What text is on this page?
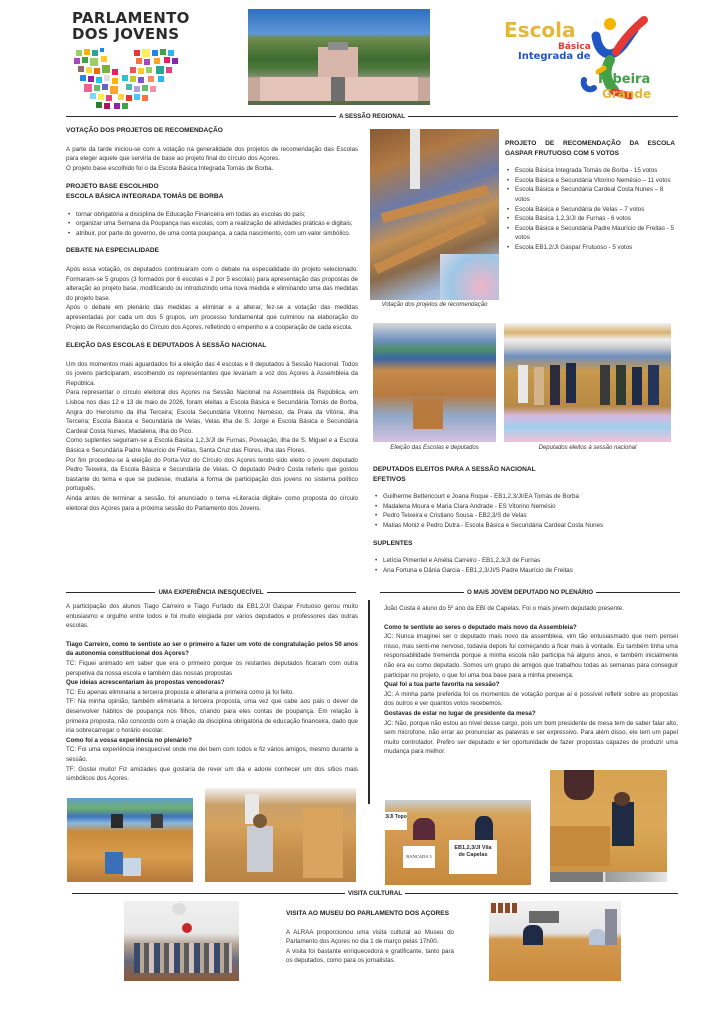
PARLAMENTO
DOS JOVENS	Escola
Básica
Integrada de
Ribeira
Grande
A SESSÃO REGIONAL
VOTAÇÃO DOS PROJETOS DE RECOMENDAÇÃO
A parte da tarde iniciou-se com a votação na generalidade dos projetos de recomendação das Escolas para eleger aquele que serviria de base ao projeto final do círculo dos Açores.
O projeto base escolhido foi o da Escola Básica Integrada Tomás de Borba.
PROJETO BASE ESCOLHIDO
ESCOLA BÁSICA INTEGRADA TOMÁS DE BORBA
• tornar obrigatória a disciplina de Educação Financeira em todas as escolas do país;
• organizar uma Semana da Poupança nas escolas, com a realização de atividades práticas e digitais;
• atribuir, por parte do governo, de uma conta poupança, a cada nascimento, com um valor simbólico.
DEBATE NA ESPECIALIDADE
Após essa votação, os deputados continuaram com o debate na especialidade do projeto selecionado. Formaram-se 5 grupos (3 formados por 6 escolas e 2 por 5 escolas) para apresentação das propostas de alteração ao projeto base, modificando ou introduzindo uma nova medida e eliminando uma das medidas do projeto base.
Após o debate em plenário das medidas a eliminar e a alterar, fez-se a votação das medidas apresentadas por cada um dos 5 grupos, um processo fundamental que culminou na elaboração do Projeto de Recomendação do Círculo dos Açores, refletindo o empenho e a cooperação de cada escola.
ELEIÇÃO DAS ESCOLAS E DEPUTADOS À SESSÃO NACIONAL
Um dos momentos mais aguardados foi a eleição das 4 escolas e 8 deputados à Sessão Nacional. Todos os jovens participaram, escolhendo os representantes que levariam a voz dos Açores à Assembleia da República.
Para representar o círculo eleitoral dos Açores na Sessão Nacional na Assembleia da República, em Lisboa nos dias 12 e 13 de maio de 2026, foram eleitas a Escola Básica e Secundária Tomás de Borba, Angra do Heroísmo da ilha Terceira; Escola Secundária Vitorino Nemésio, da Praia da Vitória, ilha Terceira; Escola Básica e Secundária de Velas, Velas ilha de S. Jorge e Escola Básica e Secundária Cardeal Costa Nunes, Madalena, ilha do Pico.
Como suplentes seguiram-se a Escola Básica 1,2,3/JI de Furnas, Povoação, ilha de S. Miguel e a Escola Básica e Secundária Padre Maurício de Freitas, Santa Cruz das Flores, ilha das Flores.
Por fim procedeu-se à eleição do Porta-Voz do Círculo dos Açores tendo sido eleito o jovem deputado Pedro Teixeira, da Escola Básica e Secundária de Velas. O deputado Pedro Costa referiu que gostou bastante do tema e que se pudesse, mudaria a forma de participação dos jovens no sistema político português.
Ainda antes de terminar a sessão, foi anunciado o tema «Literacia digital» como proposta do círculo eleitoral dos Açores para a próxima sessão do Parlamento dos Jovens.
Votação dos projetos de recomendação
PROJETO DE RECOMENDAÇÃO DA ESCOLA GASPAR FRUTUOSO COM 5 VOTOS
• Escola Básica Integrada Tomás de Borba - 15 votos
• Escola Básica e Secundária Vitorino Nemésio – 11 votos
• Escola Básica e Secundária Cardeal Costa Nunes – 8 votos
• Escola Básica e Secundária de Velas – 7 votos
• Escola Básica 1,2,3/JI de Furnas - 6 votos
• Escola Básica e Secundária Padre Maurício de Freitas - 5 votos
• Escola EB1,2/JI Gaspar Frutuoso - 5 votos
Eleição das Escolas e deputados	Deputados eleitos à sessão nacional
DEPUTADOS ELEITOS PARA A SESSÃO NACIONAL
EFETIVOS
• Guilherme Bettencourt e Joana Roque - EB1,2,3/JI/EA Tomás de Borba
• Madalena Moura e Maria Clara Andrade - ES Vitorino Nemésio
• Pedro Teixeira e Cristiano Sousa - EB2,3/S de Velas
• Matias Moniz e Pedro Dutra - Escola Básica e Secundária Cardeal Costa Nunes
SUPLENTES
• Letícia Pimentel e Amélia Carreiro - EB1,2,3/JI de Furnas
• Ana Fortuna e Dânia Garcia - EB1,2,3/JI/S Padre Maurício de Freitas
UMA EXPERIÊNCIA INESQUECÍVEL
A participação dos alunos Tiago Carreiro e Tiago Furtado da EB1,2/JI Gaspar Frutuoso gerou muito entusiasmo e orgulho entre todos e foi muito elogiada por vários deputados e professores das outras escolas.
Tiago Carreiro, como te sentiste ao ser o primeiro a fazer um voto de congratulação pelos 50 anos da autonomia constitucional dos Açores?
TC: Fiquei animado em saber que era o primeiro porque os restantes deputados ficaram com outra perspetiva da nossa escola e também das nossas propostas
Que ideias acrescentariam às propostas vencedoras?
TC: Eu apenas eliminaria a terceira proposta e alteraria a primeira como já foi feito.
TF: Na minha opinião, também eliminaria a terceira proposta, uma vez que cabe aos pais o dever de desenvolver hábitos de poupança nos filhos, criando para eles contas de poupança. Em relação à primeira proposta, não concordo com a criação da disciplina obrigatória de educação financeira, dado que iria sobrecarregar o horário escolar.
Como foi a vossa experiência no plenário?
TC: Foi uma experiência inesquecível onde me dei bem com todos e fiz vários amigos, mesmo durante a sessão.
TF: Gostei muito! Fiz amizades que gostaria de rever um dia e adorei conhecer um dos sítios mais simbólicos dos Açores.
O MAIS JOVEM DEPUTADO NO PLENÁRIO
João Costa é aluno do 5º ano da EBI de Capelas. Foi o mais jovem deputado presente.
Como te sentiste ao seres o deputado mais novo da Assembleia?
JC: Nunca imaginei ser o deputado mais novo da assembleia, vim tão entusiasmado que nem pensei nisso, mas senti-me nervoso, todavia depois fui começando a ficar mais à vontade. Eu também tinha uma responsabilidade tremenda porque a minha escola não participa há alguns anos, e também inicialmente não era eu como deputado. Somos um grupo de amigos que trabalhou todas as semanas para conseguir participar no projeto, o que foi uma boa base para a minha presença.
Qual foi a tua parte favorita na sessão?
JC: A minha parte preferida foi os momentos de votação porque aí é possível refletir sobre as propostas dos outros e ver quantos votos recebemos.
Gostavas de estar no lugar de presidente da mesa?
JC: Não, porque não estou ao nível desse cargo, pois um bom presidente de mesa tem de saber falar alto, sem microfone, não errar ao pronunciar as palavras e ser expressivo. Para além disso, ele tem um papel muito controlador. Prefiro ser deputado e ter oportunidade de fazer propostas capazes de produzir uma mudança para melhor.
3/JI Topo
BANCADA 3
EB1,2,3/JI Vila de Capelas
VISITA CULTURAL
VISITA AO MUSEU DO PARLAMENTO DOS AÇORES
A ALRAA proporcionou uma visita cultural ao Museu do Parlamento dos Açores no dia 1 de março pelas 17h00.
A visita foi bastante enriquecedora e gratificante, tanto para os deputados, como para os jornalistas.
